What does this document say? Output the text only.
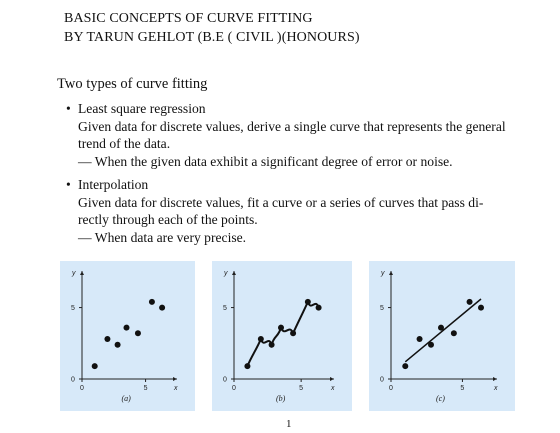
BASIC CONCEPTS OF CURVE FITTING
BY TARUN GEHLOT (B.E ( CIVIL )(HONOURS)
Two types of curve fitting
• Least square regression
Given data for discrete values, derive a single curve that represents the general
trend of the data.
— When the given data exhibit a significant degree of error or noise.
• Interpolation
Given data for discrete values, fit a curve or a series of curves that pass di-
rectly through each of the points.
— When data are very precise.
0	5
0
5
x
y
(a)
0	5
0
5
x
y
(b)
0	5
0
5
x
y
(c)
1
